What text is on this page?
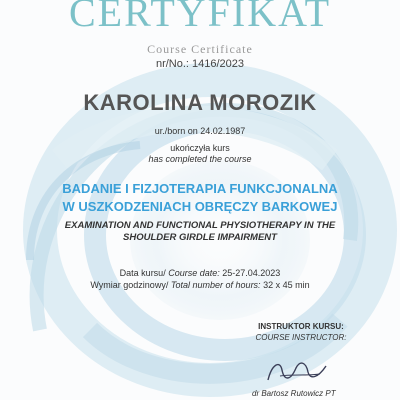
CERTYFIKAT
Course Certificate
nr/No.: 1416/2023
KAROLINA MOROZIK
ur./born on 24.02.1987
ukończyła kurs
has completed the course
BADANIE I FIZJOTERAPIA FUNKCJONALNA
W USZKODZENIACH OBRĘCZY BARKOWEJ
EXAMINATION AND FUNCTIONAL PHYSIOTHERAPY IN THE
SHOULDER GIRDLE IMPAIRMENT
Data kursu/ Course date: 25-27.04.2023
Wymiar godzinowy/ Total number of hours: 32 x 45 min
INSTRUKTOR KURSU:
COURSE INSTRUCTOR:
dr Bartosz Rutowicz PT
